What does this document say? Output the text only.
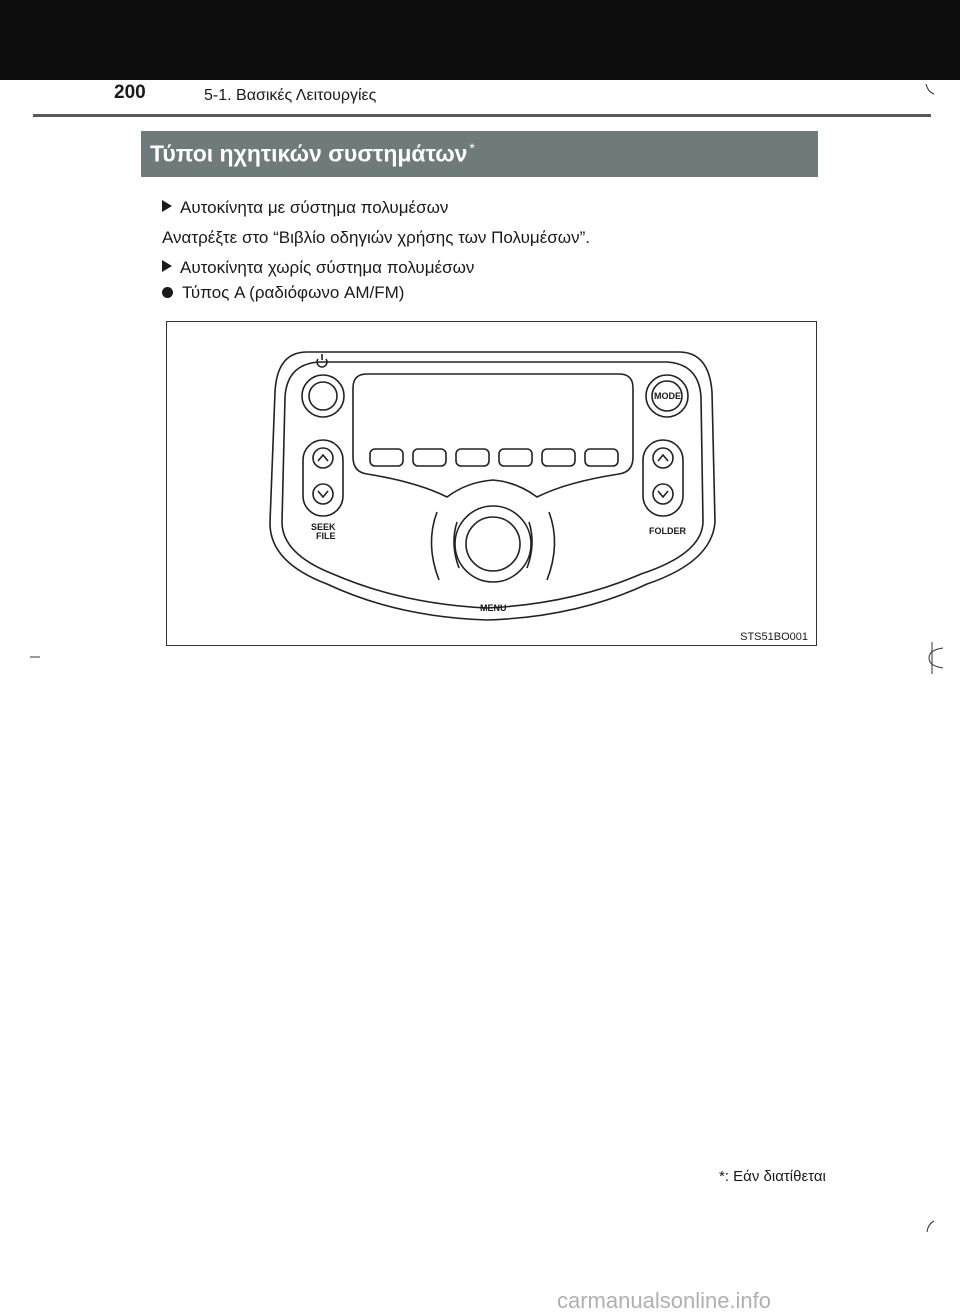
200	5-1. Βασικές Λειτουργίες
Τύποι ηχητικών συστημάτων *
Αυτοκίνητα με σύστημα πολυμέσων
Ανατρέξτε στο “Βιβλίο οδηγιών χρήσης των Πολυμέσων”.
Αυτοκίνητα χωρίς σύστημα πολυμέσων
Τύπος A (ραδιόφωνο AM/FM)
MODE
SEEK
FILE	FOLDER
MENU
STS51BO001
*: Εάν διατίθεται
carmanualsonline.info
